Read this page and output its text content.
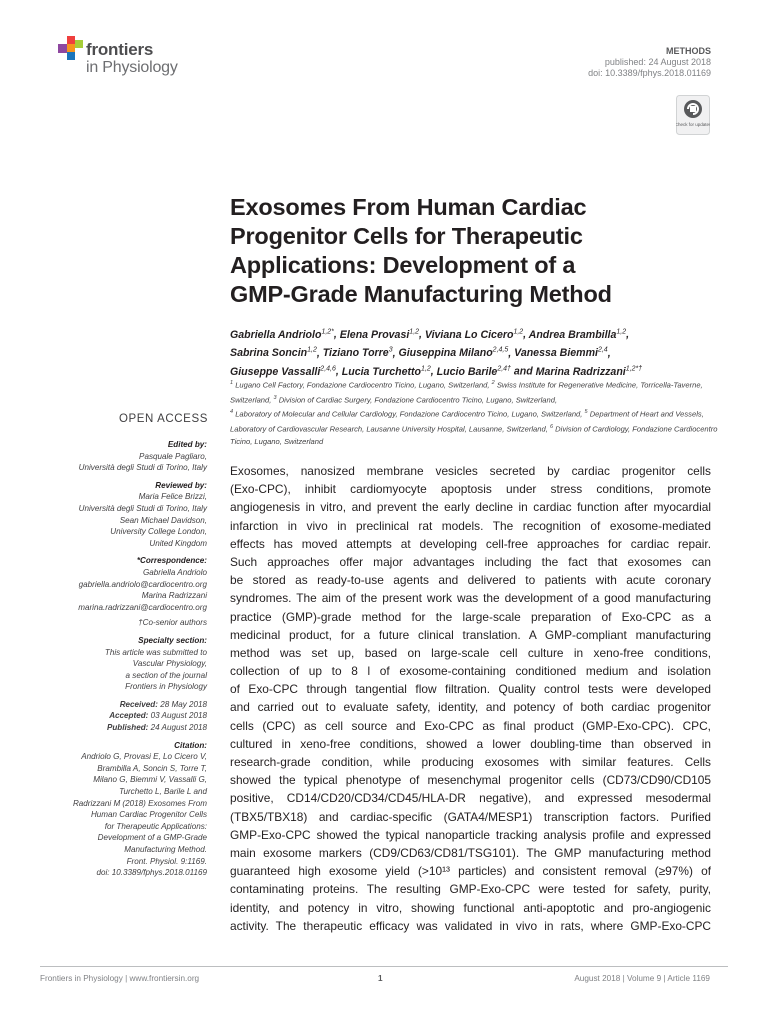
frontiers
in Physiology
METHODS
published: 24 August 2018
doi: 10.3389/fphys.2018.01169
Check for updates
Exosomes From Human Cardiac
Progenitor Cells for Therapeutic
Applications: Development of a
GMP-Grade Manufacturing Method
Gabriella Andriolo$^{1,2*}$, Elena Provasi$^{1,2}$, Viviana Lo Cicero$^{1,2}$, Andrea Brambilla$^{1,2}$,
Sabrina Soncin$^{1,2}$, Tiziano Torre$^3$, Giuseppina Milano$^{2,4,5}$, Vanessa Biemmi$^{2,4}$,
Giuseppe Vassalli$^{2,4,6}$, Lucia Turchetto$^{1,2}$, Lucio Barile$^{2,4\dagger}$ and Marina Radrizzani$^{1,2*\dagger}$
$^1$ Lugano Cell Factory, Fondazione Cardiocentro Ticino, Lugano, Switzerland, $^2$ Swiss Institute for Regenerative Medicine, Torricella-Taverne, Switzerland, $^3$ Division of Cardiac Surgery, Fondazione Cardiocentro Ticino, Lugano, Switzerland,
$^4$ Laboratory of Molecular and Cellular Cardiology, Fondazione Cardiocentro Ticino, Lugano, Switzerland, $^5$ Department of Heart and Vessels, Laboratory of Cardiovascular Research, Lausanne University Hospital, Lausanne, Switzerland, $^6$ Division of Cardiology, Fondazione Cardiocentro Ticino, Lugano, Switzerland
OPEN ACCESS
Edited by:
Pasquale Pagliaro,
Università degli Studi di Torino, Italy
Reviewed by:
Maria Felice Brizzi,
Università degli Studi di Torino, Italy
Sean Michael Davidson,
University College London,
United Kingdom
*Correspondence:
Gabriella Andriolo
gabriella.andriolo@cardiocentro.org
Marina Radrizzani
marina.radrizzani@cardiocentro.org
†Co-senior authors
Specialty section:
This article was submitted to
Vascular Physiology,
a section of the journal
Frontiers in Physiology
Received: 28 May 2018
Accepted: 03 August 2018
Published: 24 August 2018
Citation:
Andriolo G, Provasi E, Lo Cicero V,
Brambilla A, Soncin S, Torre T,
Milano G, Biemmi V, Vassalli G,
Turchetto L, Barile L and
Radrizzani M (2018) Exosomes From
Human Cardiac Progenitor Cells
for Therapeutic Applications:
Development of a GMP-Grade
Manufacturing Method.
Front. Physiol. 9:1169.
doi: 10.3389/fphys.2018.01169
Exosomes, nanosized membrane vesicles secreted by cardiac progenitor cells
(Exo-CPC), inhibit cardiomyocyte apoptosis under stress conditions, promote
angiogenesis in vitro, and prevent the early decline in cardiac function after myocardial
infarction in vivo in preclinical rat models. The recognition of exosome-mediated
effects has moved attempts at developing cell-free approaches for cardiac repair.
Such approaches offer major advantages including the fact that exosomes can
be stored as ready-to-use agents and delivered to patients with acute coronary
syndromes. The aim of the present work was the development of a good manufacturing
practice (GMP)-grade method for the large-scale preparation of Exo-CPC as a
medicinal product, for a future clinical translation. A GMP-compliant manufacturing
method was set up, based on large-scale cell culture in xeno-free conditions,
collection of up to 8 l of exosome-containing conditioned medium and isolation
of Exo-CPC through tangential flow filtration. Quality control tests were developed
and carried out to evaluate safety, identity, and potency of both cardiac progenitor
cells (CPC) as cell source and Exo-CPC as final product (GMP-Exo-CPC). CPC,
cultured in xeno-free conditions, showed a lower doubling-time than observed in
research-grade condition, while producing exosomes with similar features. Cells
showed the typical phenotype of mesenchymal progenitor cells (CD73/CD90/CD105
positive, CD14/CD20/CD34/CD45/HLA-DR negative), and expressed mesodermal
(TBX5/TBX18) and cardiac-specific (GATA4/MESP1) transcription factors. Purified
GMP-Exo-CPC showed the typical nanoparticle tracking analysis profile and expressed
main exosome markers (CD9/CD63/CD81/TSG101). The GMP manufacturing method
guaranteed high exosome yield (>10¹³ particles) and consistent removal (≥97%) of
contaminating proteins. The resulting GMP-Exo-CPC were tested for safety, purity,
identity, and potency in vitro, showing functional anti-apoptotic and pro-angiogenic
activity. The therapeutic efficacy was validated in vivo in rats, where GMP-Exo-CPC
Frontiers in Physiology | www.frontiersin.org	1	August 2018 | Volume 9 | Article 1169
